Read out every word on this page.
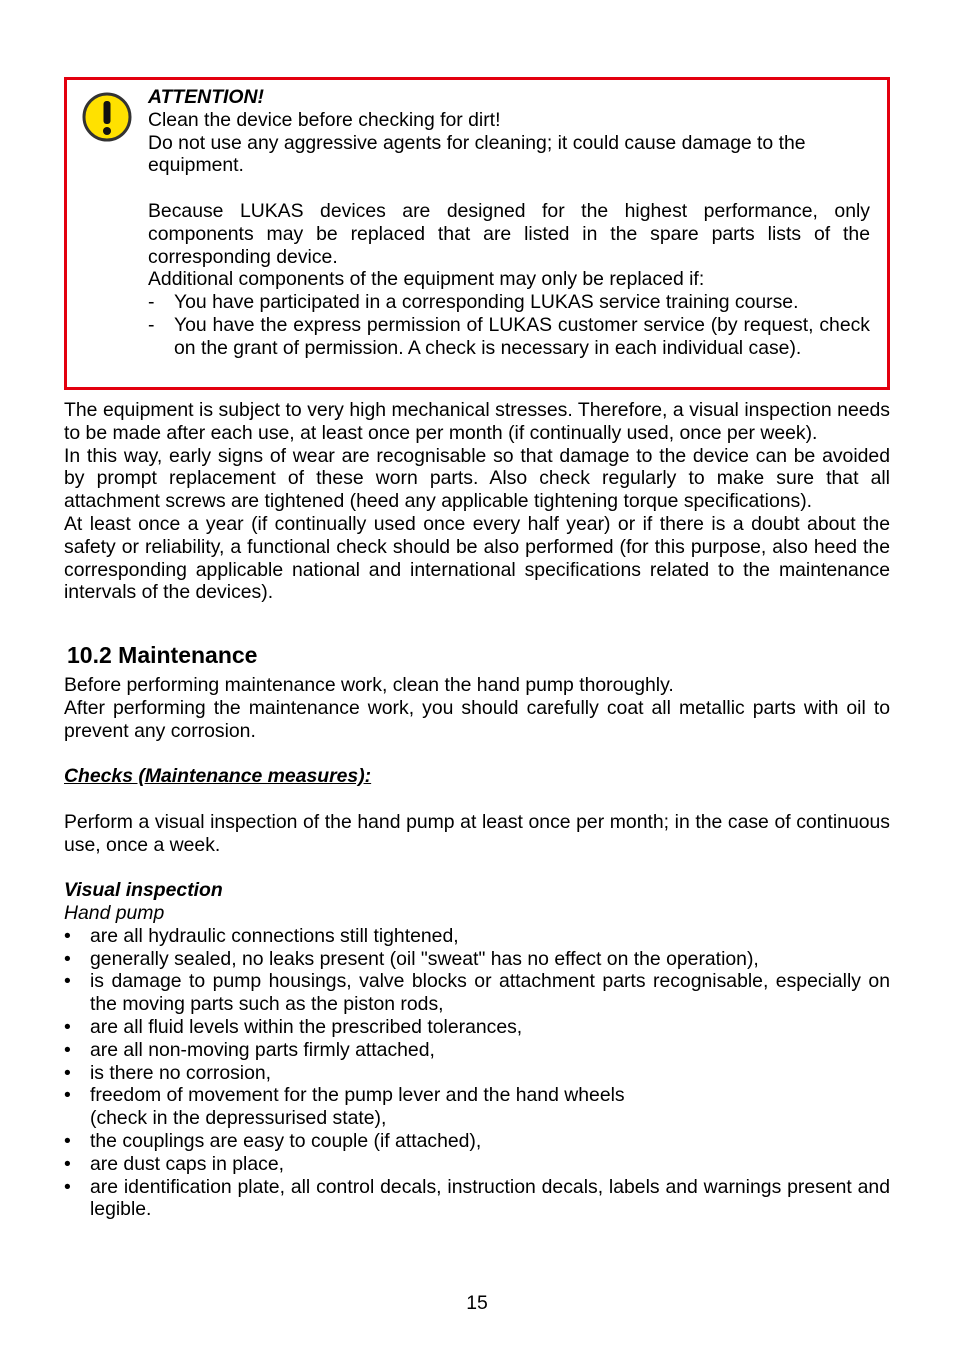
ATTENTION!

Clean the device before checking for dirt!

Do not use any aggressive agents for cleaning; it could cause damage to the equipment.

Because LUKAS devices are designed for the highest performance, only components may be replaced that are listed in the spare parts lists of the corresponding device.

Additional components of the equipment may only be replaced if:

- You have participated in a corresponding LUKAS service training course.
- You have the express permission of LUKAS customer service (by request, check on the grant of permission. A check is necessary in each individual case).

The equipment is subject to very high mechanical stresses. Therefore, a visual inspection needs to be made after each use, at least once per month (if continually used, once per week).

In this way, early signs of wear are recognisable so that damage to the device can be avoided by prompt replacement of these worn parts. Also check regularly to make sure that all attachment screws are tightened (heed any applicable tightening torque specifications).

At least once a year (if continually used once every half year) or if there is a doubt about the safety or reliability, a functional check should be also performed (for this purpose, also heed the corresponding applicable national and international specifications related to the maintenance intervals of the devices).

10.2 Maintenance

Before performing maintenance work, clean the hand pump thoroughly.

After performing the maintenance work, you should carefully coat all metallic parts with oil to prevent any corrosion.

Checks (Maintenance measures):

Perform a visual inspection of the hand pump at least once per month; in the case of continuous use, once a week.

Visual inspection

Hand pump

• are all hydraulic connections still tightened,
• generally sealed, no leaks present (oil "sweat" has no effect on the operation),
• is damage to pump housings, valve blocks or attachment parts recognisable, especially on the moving parts such as the piston rods,
• are all fluid levels within the prescribed tolerances,
• are all non-moving parts firmly attached,
• is there no corrosion,
• freedom of movement for the pump lever and the hand wheels (check in the depressurised state),
• the couplings are easy to couple (if attached),
• are dust caps in place,
• are identification plate, all control decals, instruction decals, labels and warnings present and legible.
15
